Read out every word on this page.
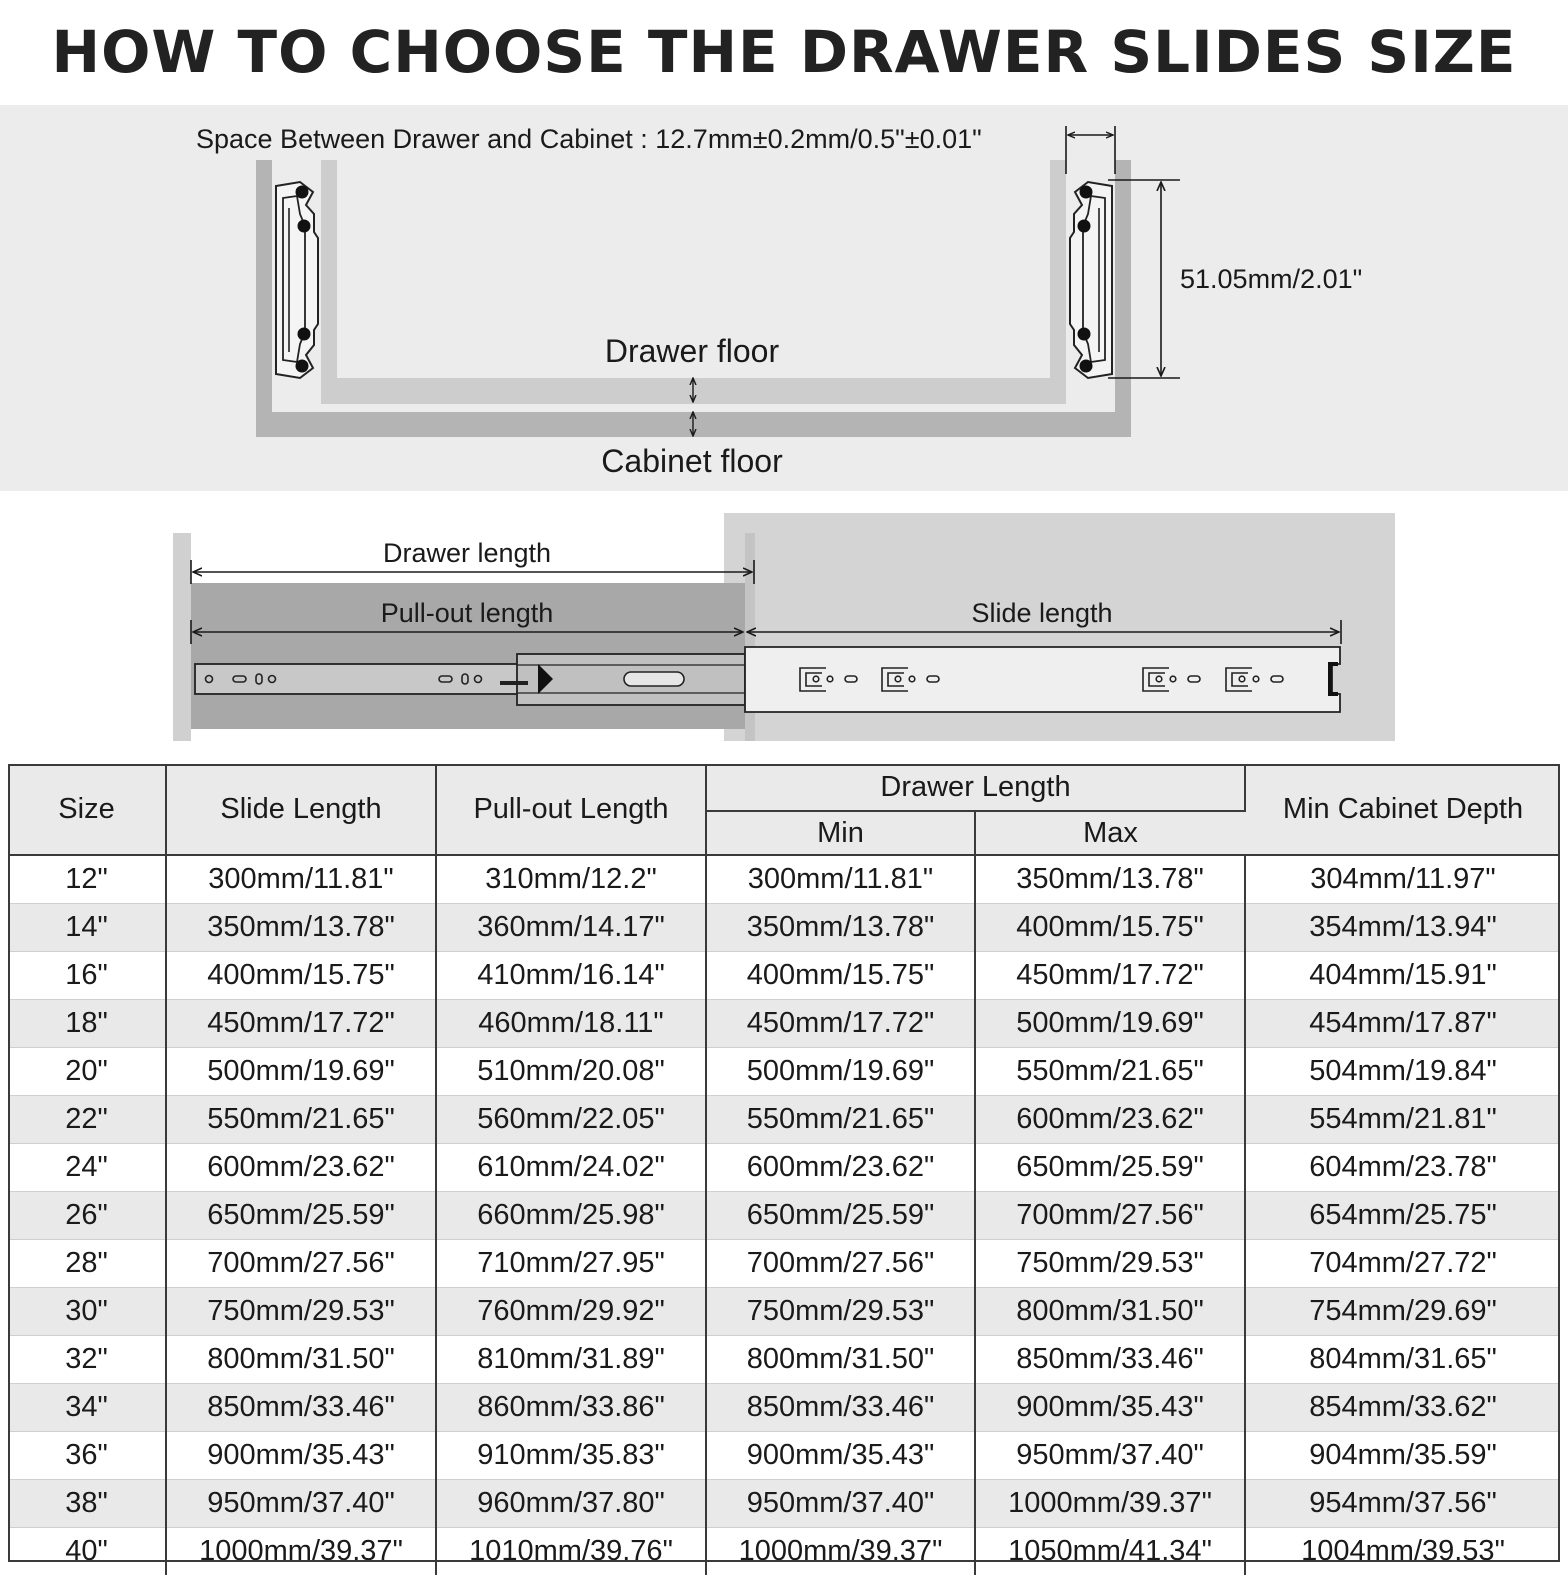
HOW TO CHOOSE THE DRAWER SLIDES SIZE
Space Between Drawer and Cabinet : 12.7mm±0.2mm/0.5"±0.01"
51.05mm/2.01"
Drawer floor
Cabinet floor
Drawer length
Pull-out length	Slide length
Size	Slide Length	Pull-out Length	Drawer Length		Min Cabinet Depth
			Min	Max	
12"	300mm/11.81"	310mm/12.2"	300mm/11.81"	350mm/13.78"	304mm/11.97"
14"	350mm/13.78"	360mm/14.17"	350mm/13.78"	400mm/15.75"	354mm/13.94"
16"	400mm/15.75"	410mm/16.14"	400mm/15.75"	450mm/17.72"	404mm/15.91"
18"	450mm/17.72"	460mm/18.11"	450mm/17.72"	500mm/19.69"	454mm/17.87"
20"	500mm/19.69"	510mm/20.08"	500mm/19.69"	550mm/21.65"	504mm/19.84"
22"	550mm/21.65"	560mm/22.05"	550mm/21.65"	600mm/23.62"	554mm/21.81"
24"	600mm/23.62"	610mm/24.02"	600mm/23.62"	650mm/25.59"	604mm/23.78"
26"	650mm/25.59"	660mm/25.98"	650mm/25.59"	700mm/27.56"	654mm/25.75"
28"	700mm/27.56"	710mm/27.95"	700mm/27.56"	750mm/29.53"	704mm/27.72"
30"	750mm/29.53"	760mm/29.92"	750mm/29.53"	800mm/31.50"	754mm/29.69"
32"	800mm/31.50"	810mm/31.89"	800mm/31.50"	850mm/33.46"	804mm/31.65"
34"	850mm/33.46"	860mm/33.86"	850mm/33.46"	900mm/35.43"	854mm/33.62"
36"	900mm/35.43"	910mm/35.83"	900mm/35.43"	950mm/37.40"	904mm/35.59"
38"	950mm/37.40"	960mm/37.80"	950mm/37.40"	1000mm/39.37"	954mm/37.56"
40"	1000mm/39.37"	1010mm/39.76"	1000mm/39.37"	1050mm/41.34"	1004mm/39.53"
